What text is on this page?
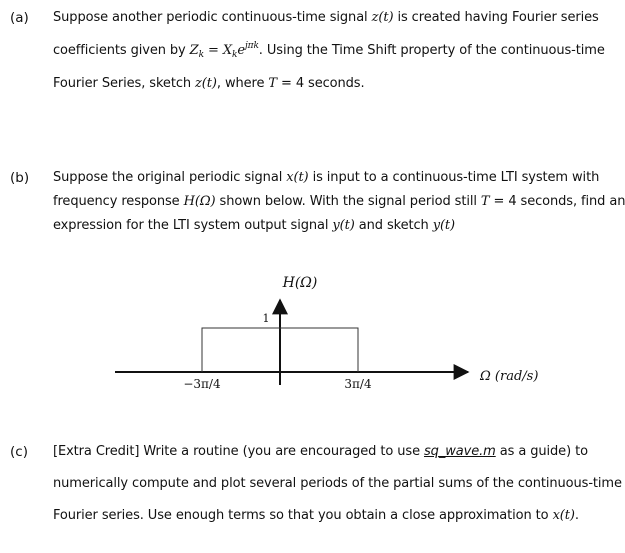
(a) Suppose another periodic continuous-time signal z(t) is created having Fourier series
coefficients given by $Z_k = X_ke^{j\pi k}$. Using the Time Shift property of the continuous-time
Fourier Series, sketch z(t), where T = 4 seconds.
(b) Suppose the original periodic signal x(t) is input to a continuous-time LTI system with
frequency response H(Ω) shown below. With the signal period still T = 4 seconds, find an
expression for the LTI system output signal y(t) and sketch y(t)
H(Ω)
1
−3π/4	3π/4	Ω (rad/s)
(c) [Extra Credit] Write a routine (you are encouraged to use sq_wave.m as a guide) to
numerically compute and plot several periods of the partial sums of the continuous-time
Fourier series. Use enough terms so that you obtain a close approximation to x(t).
